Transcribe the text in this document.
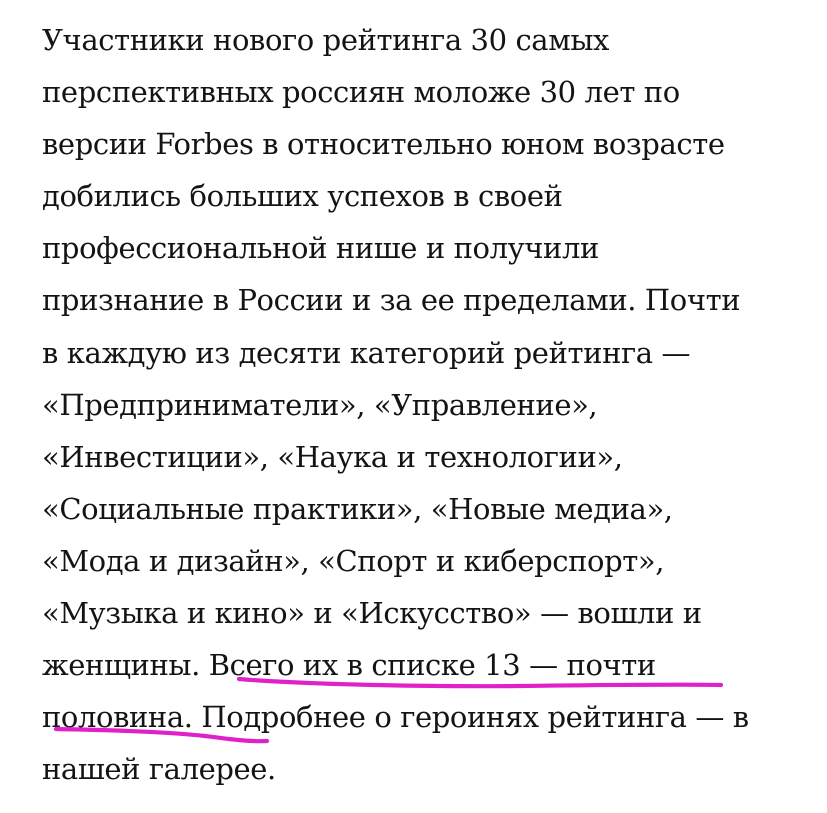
Участники нового рейтинга 30 самых
перспективных россиян моложе 30 лет по
версии Forbes в относительно юном возрасте
добились больших успехов в своей
профессиональной нише и получили
признание в России и за ее пределами. Почти
в каждую из десяти категорий рейтинга —
«Предприниматели», «Управление»,
«Инвестиции», «Наука и технологии»,
«Социальные практики», «Новые медиа»,
«Мода и дизайн», «Спорт и киберспорт»,
«Музыка и кино» и «Искусство» — вошли и
женщины. Всего их в списке 13 — почти
половина. Подробнее о героинях рейтинга — в
нашей галерее.
